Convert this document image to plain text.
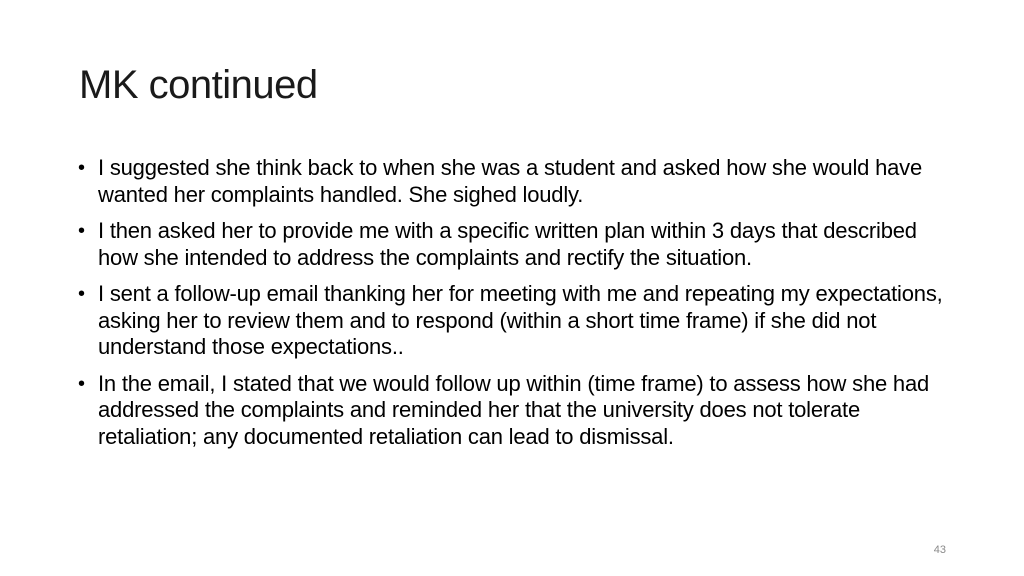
MK continued
• I suggested she think back to when she was a student and asked how she would have wanted her complaints handled. She sighed loudly.
• I then asked her to provide me with a specific written plan within 3 days that described how she intended to address the complaints and rectify the situation.
• I sent a follow-up email thanking her for meeting with me and repeating my expectations, asking her to review them and to respond (within a short time frame) if she did not understand those expectations..
• In the email, I stated that we would follow up within (time frame) to assess how she had addressed the complaints and reminded her that the university does not tolerate retaliation; any documented retaliation can lead to dismissal.
43
